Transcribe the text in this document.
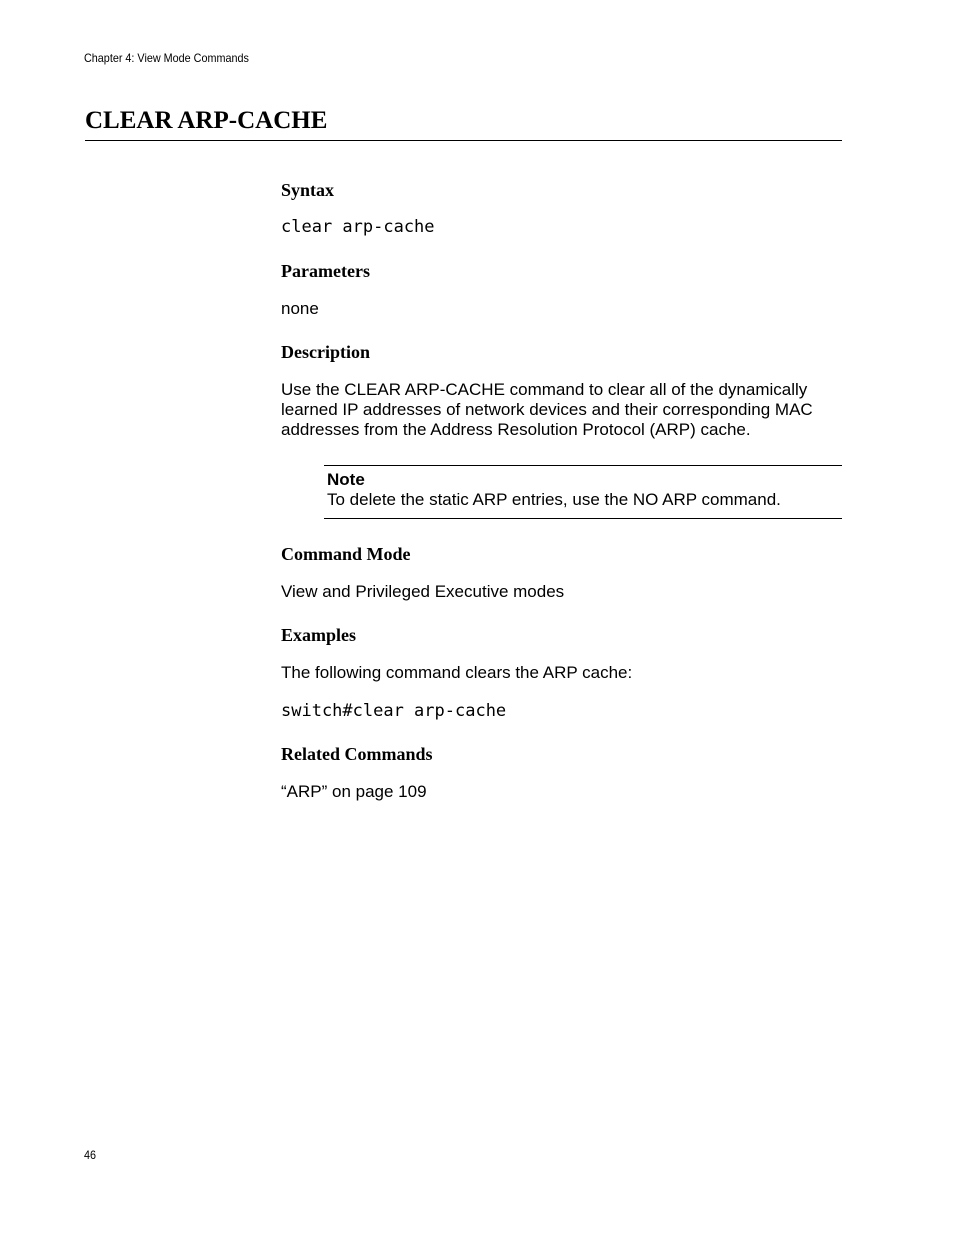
Chapter 4: View Mode Commands
CLEAR ARP-CACHE
Syntax
clear arp-cache
Parameters

none

Description
Use the CLEAR ARP-CACHE command to clear all of the dynamically
learned IP addresses of network devices and their corresponding MAC
addresses from the Address Resolution Protocol (ARP) cache.
Note
To delete the static ARP entries, use the NO ARP command.
Command Mode

View and Privileged Executive modes

Examples

The following command clears the ARP cache:

switch#clear arp-cache
Related Commands

“ARP” on page 109

46
